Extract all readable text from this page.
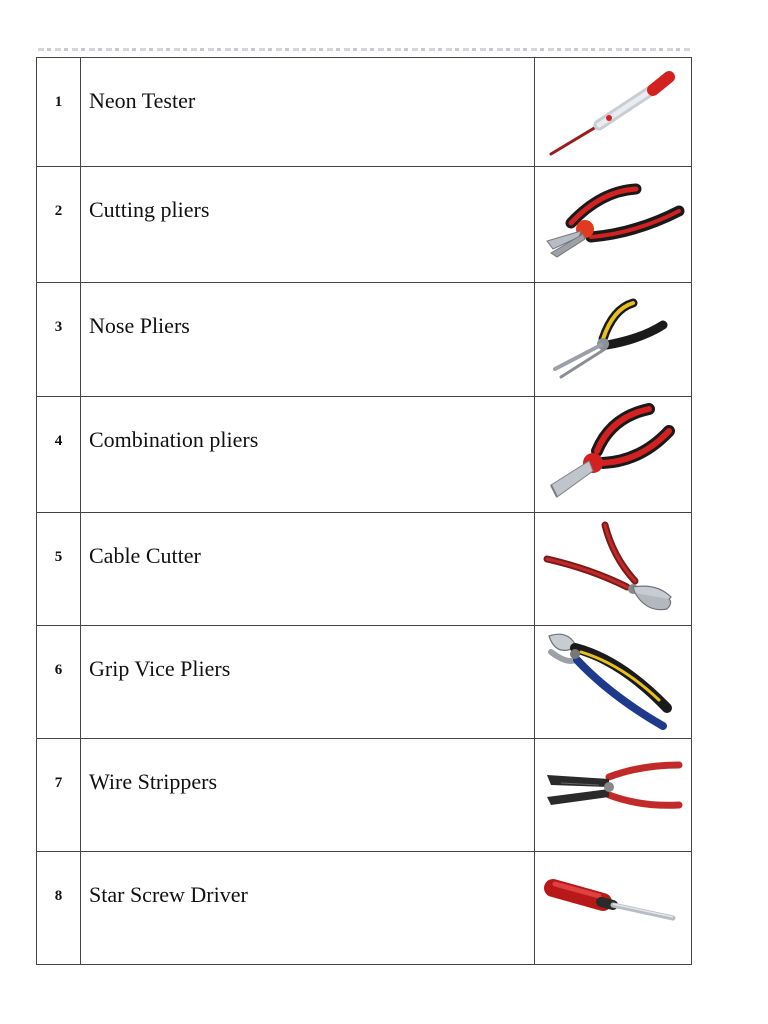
1	Neon Tester

2	Cutting pliers

3	Nose Pliers

4	Combination pliers

5	Cable Cutter

6	Grip Vice Pliers

7	Wire Strippers

8	Star Screw Driver
